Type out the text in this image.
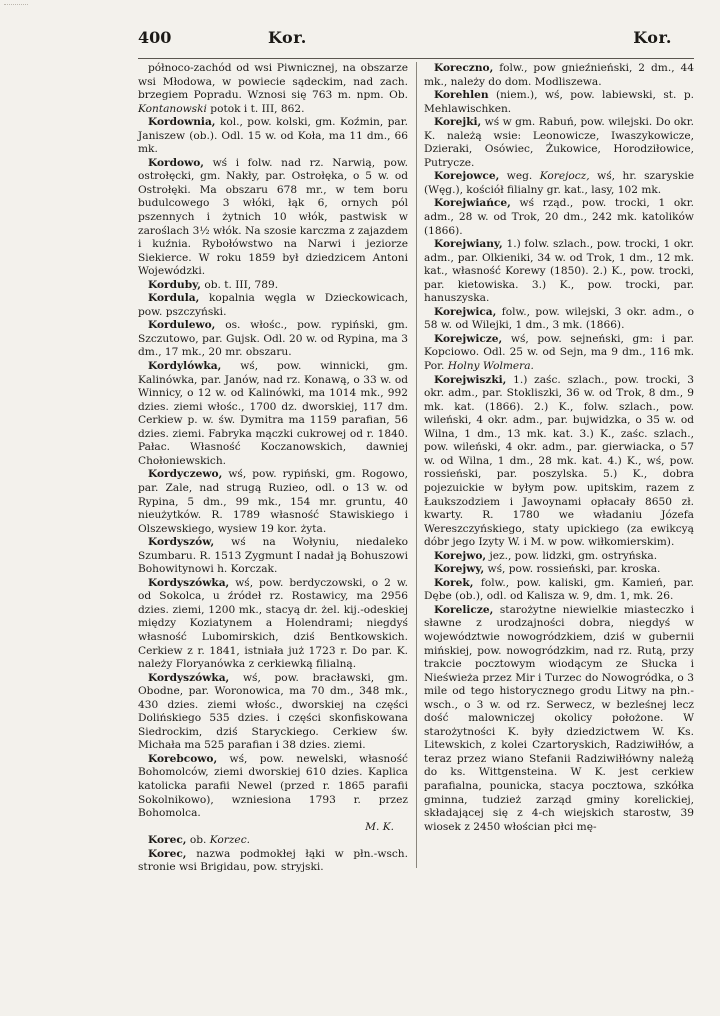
400	Kor.	Kor.

północo-zachód od wsi Piwnicznej, na obszarze wsi Młodowa, w powiecie sądeckim, nad zach. brzegiem Popradu. Wznosi się 763 m. npm. Ob. Kontanowski potok i t. III, 862.

Kordownia, kol., pow. kolski, gm. Koźmin, par. Janiszew (ob.). Odl. 15 w. od Koła, ma 11 dm., 66 mk.

Kordowo, wś i folw. nad rz. Narwią, pow. ostrołęcki, gm. Nakły, par. Ostrołęka, o 5 w. od Ostrołęki. Ma obszaru 678 mr., w tem boru budulcowego 3 włóki, łąk 6, ornych pól pszennych i żytnich 10 włók, pastwisk w zaroślach 3½ włók. Na szosie karczma z zajazdem i kuźnia. Rybołówstwo na Narwi i jeziorze Siekierce. W roku 1859 był dziedzicem Antoni Wojewódzki.

Korduby, ob. t. III, 789.

Kordula, kopalnia węgla w Dzieckowicach, pow. pszczyński.

Kordulewo, os. włośc., pow. rypiński, gm. Szczutowo, par. Gujsk. Odl. 20 w. od Rypina, ma 3 dm., 17 mk., 20 mr. obszaru.

Kordylówka, wś, pow. winnicki, gm. Kalinówka, par. Janów, nad rz. Konawą, o 33 w. od Winnicy, o 12 w. od Kalinówki, ma 1014 mk., 992 dzies. ziemi włośc., 1700 dz. dworskiej, 117 dm. Cerkiew p. w. św. Dymitra ma 1159 parafian, 56 dzies. ziemi. Fabryka mączki cukrowej od r. 1840. Pałac. Własność Koczanowskich, dawniej Chołoniewskich.

Kordyczewo, wś, pow. rypiński, gm. Rogowo, par. Zale, nad strugą Ruzieo, odl. o 13 w. od Rypina, 5 dm., 99 mk., 154 mr. gruntu, 40 nieużytków. R. 1789 własność Stawiskiego i Olszewskiego, wysiew 19 kor. żyta.

Kordyszów, wś na Wołyniu, niedaleko Szumbaru. R. 1513 Zygmunt I nadał ją Bohuszowi Bohowitynowi h. Korczak.

Kordyszówka, wś, pow. berdyczowski, o 2 w. od Sokolca, u źródeł rz. Rostawicy, ma 2956 dzies. ziemi, 1200 mk., stacyą dr. żel. kij.-odeskiej między Koziatynem a Holendrami; niegdyś własność Lubomirskich, dziś Bentkowskich. Cerkiew z r. 1841, istniała już 1723 r. Do par. K. należy Floryanówka z cerkiewką filialną.

Kordyszówka, wś, pow. bracławski, gm. Obodne, par. Woronowica, ma 70 dm., 348 mk., 430 dzies. ziemi włośc., dworskiej na części Dolińskiego 535 dzies. i części skonfiskowana Siedrockim, dziś Staryckiego. Cerkiew św. Michała ma 525 parafian i 38 dzies. ziemi.

Korebcowo, wś, pow. newelski, własność Bohomolców, ziemi dworskiej 610 dzies. Kaplica katolicka parafii Newel (przed r. 1865 parafii Sokolnikowo), wzniesiona 1793 r. przez Bohomolca.
M. K.

Korec, ob. Korzec.

Korec, nazwa podmokłej łąki w płn.-wsch. stronie wsi Brigidau, pow. stryjski.

Koreczno, folw., pow gnieźnieński, 2 dm., 44 mk., należy do dom. Modliszewa.

Korehlen (niem.), wś, pow. labiewski, st. p. Mehlawischken.

Korejki, wś w gm. Rabuń, pow. wilejski. Do okr. K. należą wsie: Leonowicze, Iwaszykowicze, Dzieraki, Osówiec, Żukowice, Horodziłowice, Putrycze.

Korejowce, weg. Korejocz, wś, hr. szaryskie (Węg.), kościół filialny gr. kat., lasy, 102 mk.

Korejwiańce, wś rząd., pow. trocki, 1 okr. adm., 28 w. od Trok, 20 dm., 242 mk. katolików (1866).

Korejwiany, 1.) folw. szlach., pow. trocki, 1 okr. adm., par. Olkieniki, 34 w. od Trok, 1 dm., 12 mk. kat., własność Korewy (1850). 2.) K., pow. trocki, par. kietowiska. 3.) K., pow. trocki, par. hanuszyska.

Korejwica, folw., pow. wilejski, 3 okr. adm., o 58 w. od Wilejki, 1 dm., 3 mk. (1866).

Korejwicze, wś, pow. sejneński, gm: i par. Kopciowo. Odl. 25 w. od Sejn, ma 9 dm., 116 mk. Por. Holny Wolmera.

Korejwiszki, 1.) zaśc. szlach., pow. trocki, 3 okr. adm., par. Stokliszki, 36 w. od Trok, 8 dm., 9 mk. kat. (1866). 2.) K., folw. szlach., pow. wileński, 4 okr. adm., par. bujwidzka, o 35 w. od Wilna, 1 dm., 13 mk. kat. 3.) K., zaśc. szlach., pow. wileński, 4 okr. adm., par. gierwiacka, o 57 w. od Wilna, 1 dm., 28 mk. kat. 4.) K., wś, pow. rossieński, par. poszylska. 5.) K., dobra pojezuickie w byłym pow. upitskim, razem z Łaukszodziem i Jawoynami opłacały 8650 zł. kwarty. R. 1780 we władaniu Józefa Wereszczyńskiego, staty upickiego (za ewikcyą dóbr jego Izyty W. i M. w pow. wiłkomierskim).

Korejwo, jez., pow. lidzki, gm. ostryńska.

Korejwy, wś, pow. rossieński, par. kroska.

Korek, folw., pow. kaliski, gm. Kamień, par. Dębe (ob.), odl. od Kalisza w. 9, dm. 1, mk. 26.

Korelicze, starożytne niewielkie miasteczko i sławne z urodzajności dobra, niegdyś w województwie nowogródzkiem, dziś w gubernii mińskiej, pow. nowogródzkim, nad rz. Rutą, przy trakcie pocztowym wiodącym ze Słucka i Nieświeża przez Mir i Turzec do Nowogródka, o 3 mile od tego historycznego grodu Litwy na płn.-wsch., o 3 w. od rz. Serwecz, w bezleśnej lecz dość malowniczej okolicy położone. W starożytności K. były dziedzictwem W. Ks. Litewskich, z kolei Czartoryskich, Radziwiłłów, a teraz przez wiano Stefanii Radziwiłłówny należą do ks. Wittgensteina. W K. jest cerkiew parafialna, pounicka, stacya pocztowa, szkółka gminna, tudzież zarząd gminy korelickiej, składającej się z 4-ch wiejskich starostw, 39 wiosek z 2450 włościan płci mę-
